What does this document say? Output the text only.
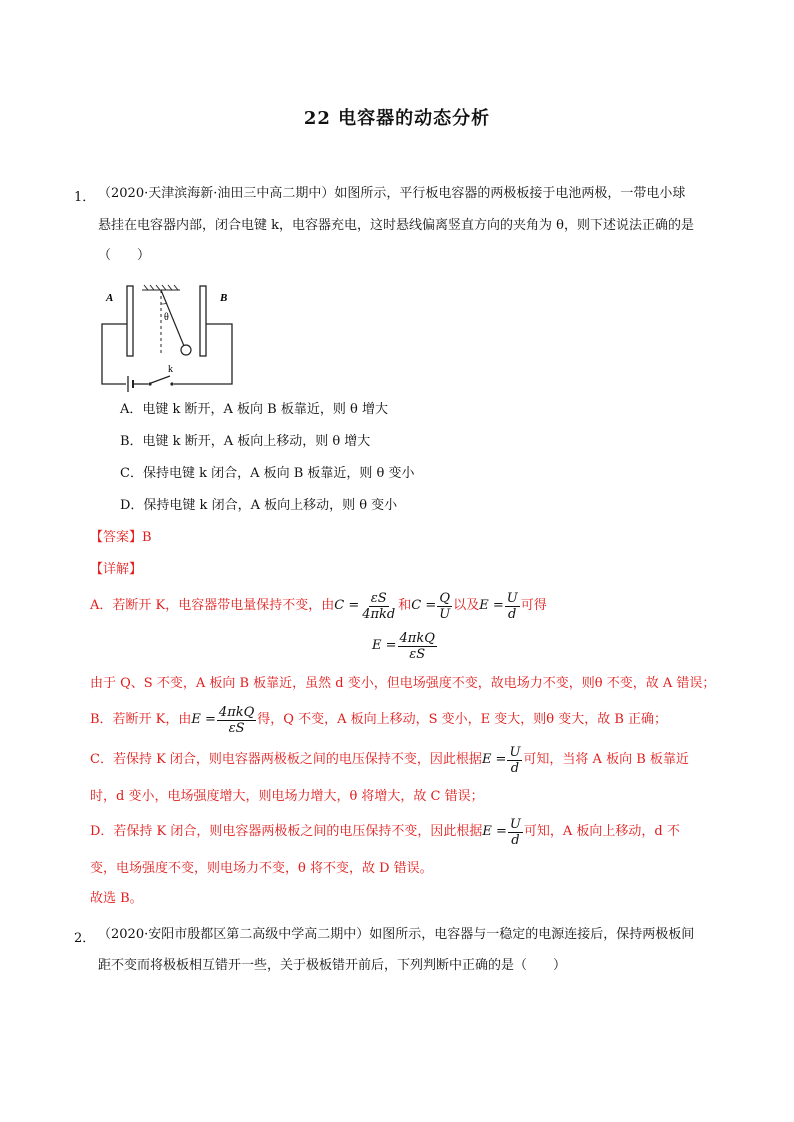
22 电容器的动态分析
1． （2020·天津滨海新·油田三中高二期中）如图所示，平行板电容器的两极板接于电池两极，一带电小球
悬挂在电容器内部，闭合电键 k，电容器充电，这时悬线偏离竖直方向的夹角为 θ，则下述说法正确的是
（　　）
A	B
θ
k
A．电键 k 断开，A 板向 B 板靠近，则 θ 增大
B．电键 k 断开，A 板向上移动，则 θ 增大
C．保持电键 k 闭合，A 板向 B 板靠近，则 θ 变小
D．保持电键 k 闭合，A 板向上移动，则 θ 变小
【答案】B
【详解】
A．若断开 K，电容器带电量保持不变，由 $C = \frac{\varepsilon S}{\text{4πkd}}$ 和 $C = \frac{Q}{U}$ 以及 $E = \frac{U}{d}$ 可得
$E = \frac{\text{4πkQ}}{\varepsilon S}$
由于 Q、S 不变，A 板向 B 板靠近，虽然 d 变小，但电场强度不变，故电场力不变，则θ 不变，故 A 错误；
B．若断开 K，由 $E = \frac{\text{4πkQ}}{\varepsilon S}$ 得，Q 不变，A 板向上移动，S 变小，E 变大，则θ 变大，故 B 正确；
C．若保持 K 闭合，则电容器两极板之间的电压保持不变，因此根据 $E = \frac{U}{d}$ 可知，当将 A 板向 B 板靠近
时，d 变小，电场强度增大，则电场力增大，θ 将增大，故 C 错误；
D．若保持 K 闭合，则电容器两极板之间的电压保持不变，因此根据 $E = \frac{U}{d}$ 可知，A 板向上移动，d 不
变，电场强度不变，则电场力不变，θ 将不变，故 D 错误。
故选 B。
2． （2020·安阳市殷都区第二高级中学高二期中）如图所示，电容器与一稳定的电源连接后，保持两极板间
距不变而将极板相互错开一些，关于极板错开前后，下列判断中正确的是（　　）
